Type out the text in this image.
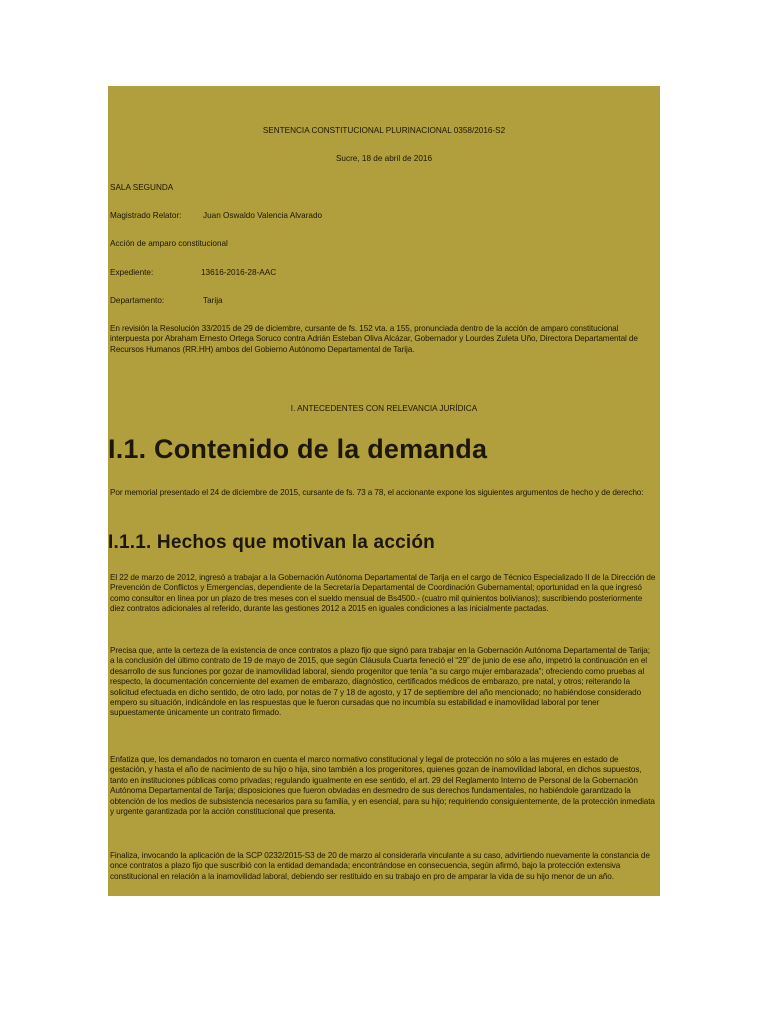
SENTENCIA CONSTITUCIONAL PLURINACIONAL 0358/2016-S2
Sucre, 18 de abril de 2016
SALA SEGUNDA
Magistrado Relator:	Juan Oswaldo Valencia Alvarado
Acción de amparo constitucional
Expediente:	13616-2016-28-AAC
Departamento:	Tarija
En revisión la Resolución 33/2015 de 29 de diciembre, cursante de fs. 152 vta. a 155, pronunciada dentro de la acción de amparo constitucional interpuesta por Abraham Ernesto Ortega Soruco contra Adrián Esteban Oliva Alcázar, Gobernador y Lourdes Zuleta Uño, Directora Departamental de Recursos Humanos (RR.HH) ambos del Gobierno Autónomo Departamental de Tarija.
I. ANTECEDENTES CON RELEVANCIA JURÍDICA
I.1. Contenido de la demanda
Por memorial presentado el 24 de diciembre de 2015, cursante de fs. 73 a 78, el accionante expone los siguientes argumentos de hecho y de derecho:
I.1.1. Hechos que motivan la acción
El 22 de marzo de 2012, ingresó a trabajar a la Gobernación Autónoma Departamental de Tarija en el cargo de Técnico Especializado II de la Dirección de Prevención de Conflictos y Emergencias, dependiente de la Secretaría Departamental de Coordinación Gubernamental; oportunidad en la que ingresó como consultor en línea por un plazo de tres meses con el sueldo mensual de Bs4500.- (cuatro mil quinientos bolivianos); suscribiendo posteriormente diez contratos adicionales al referido, durante las gestiones 2012 a 2015 en iguales condiciones a las inicialmente pactadas.
Precisa que, ante la certeza de la existencia de once contratos a plazo fijo que signó para trabajar en la Gobernación Autónoma Departamental de Tarija; a la conclusión del último contrato de 19 de mayo de 2015, que según Cláusula Cuarta feneció el “29” de junio de ese año, impetró la continuación en el desarrollo de sus funciones por gozar de inamovilidad laboral, siendo progenitor que tenía “a su cargo mujer embarazada”; ofreciendo como pruebas al respecto, la documentación concerniente del examen de embarazo, diagnóstico, certificados médicos de embarazo, pre natal, y otros; reiterando la solicitud efectuada en dicho sentido, de otro lado, por notas de 7 y 18 de agosto, y 17 de septiembre del año mencionado; no habiéndose considerado empero su situación, indicándole en las respuestas que le fueron cursadas que no incumbía su estabilidad e inamovilidad laboral por tener supuestamente únicamente un contrato firmado.
Enfatiza que, los demandados no tomaron en cuenta el marco normativo constitucional y legal de protección no sólo a las mujeres en estado de gestación, y hasta el año de nacimiento de su hijo o hija, sino también a los progenitores, quienes gozan de inamovilidad laboral, en dichos supuestos, tanto en instituciones públicas como privadas; regulando igualmente en ese sentido, el art. 29 del Reglamento Interno de Personal de la Gobernación Autónoma Departamental de Tarija; disposiciones que fueron obviadas en desmedro de sus derechos fundamentales, no habiéndole garantizado la obtención de los medios de subsistencia necesarios para su familia, y en esencial, para su hijo; requiriendo consiguientemente, de la protección inmediata y urgente garantizada por la acción constitucional que presenta.
Finaliza, invocando la aplicación de la SCP 0232/2015-S3 de 20 de marzo al considerarla vinculante a su caso, advirtiendo nuevamente la constancia de once contratos a plazo fijo que suscribió con la entidad demandada; encontrándose en consecuencia, según afirmó, bajo la protección extensiva constitucional en relación a la inamovilidad laboral, debiendo ser restituido en su trabajo en pro de amparar la vida de su hijo menor de un año.
